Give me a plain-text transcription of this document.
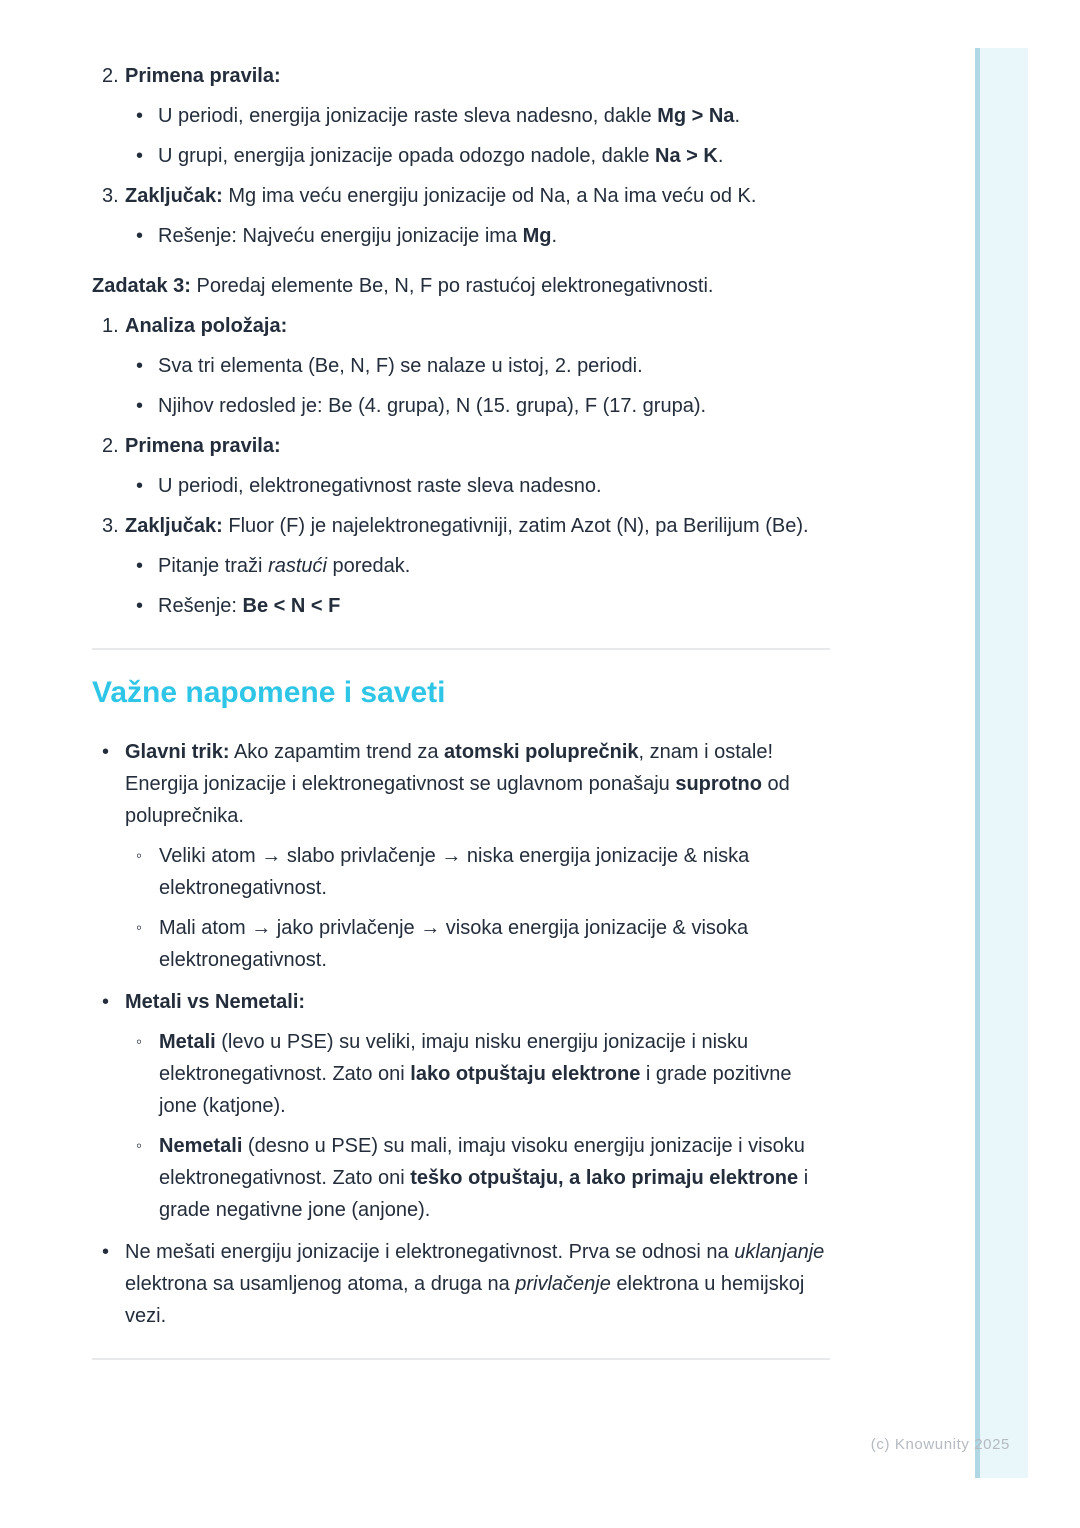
2. Primena pravila:
• U periodi, energija jonizacije raste sleva nadesno, dakle Mg > Na.
• U grupi, energija jonizacije opada odozgo nadole, dakle Na > K.
3. Zaključak: Mg ima veću energiju jonizacije od Na, a Na ima veću od K.
• Rešenje: Najveću energiju jonizacije ima Mg.
Zadatak 3: Poredaj elemente Be, N, F po rastućoj elektronegativnosti.
1. Analiza položaja:
• Sva tri elementa (Be, N, F) se nalaze u istoj, 2. periodi.
• Njihov redosled je: Be (4. grupa), N (15. grupa), F (17. grupa).
2. Primena pravila:
• U periodi, elektronegativnost raste sleva nadesno.
3. Zaključak: Fluor (F) je najelektronegativniji, zatim Azot (N), pa Berilijum (Be).
• Pitanje traži rastući poredak.
• Rešenje: Be < N < F
Važne napomene i saveti
• Glavni trik: Ako zapamtim trend za atomski poluprečnik, znam i ostale! Energija jonizacije i elektronegativnost se uglavnom ponašaju suprotno od poluprečnika.
◦ Veliki atom → slabo privlačenje → niska energija jonizacije & niska elektronegativnost.
◦ Mali atom → jako privlačenje → visoka energija jonizacije & visoka elektronegativnost.
• Metali vs Nemetali:
◦ Metali (levo u PSE) su veliki, imaju nisku energiju jonizacije i nisku elektronegativnost. Zato oni lako otpuštaju elektrone i grade pozitivne jone (katjone).
◦ Nemetali (desno u PSE) su mali, imaju visoku energiju jonizacije i visoku elektronegativnost. Zato oni teško otpuštaju, a lako primaju elektrone i grade negativne jone (anjone).
• Ne mešati energiju jonizacije i elektronegativnost. Prva se odnosi na uklanjanje elektrona sa usamljenog atoma, a druga na privlačenje elektrona u hemijskoj vezi.
(c) Knowunity 2025
